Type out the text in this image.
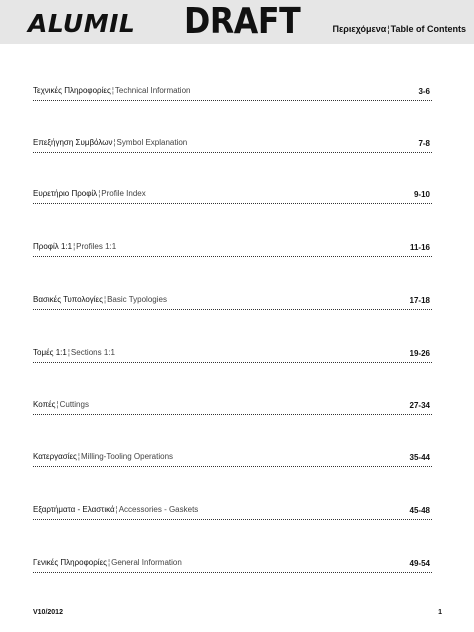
ALUMIL DRAFT	Περιεχόμενα¦Table of Contents
Τεχνικές Πληροφορίες¦Technical Information	3-6
Επεξήγηση Συμβόλων¦Symbol Explanation	7-8
Ευρετήριο Προφίλ¦Profile Index	9-10
Προφίλ 1:1¦Profiles 1:1	11-16
Βασικές Τυπολογίες¦Basic Typologies	17-18
Τομές 1:1¦Sections 1:1	19-26
Κοπές¦Cuttings	27-34
Κατεργασίες¦Milling-Tooling Operations	35-44
Εξαρτήματα - Ελαστικά¦Accessories - Gaskets	45-48
Γενικές Πληροφορίες¦General Information	49-54
V10/2012	1
